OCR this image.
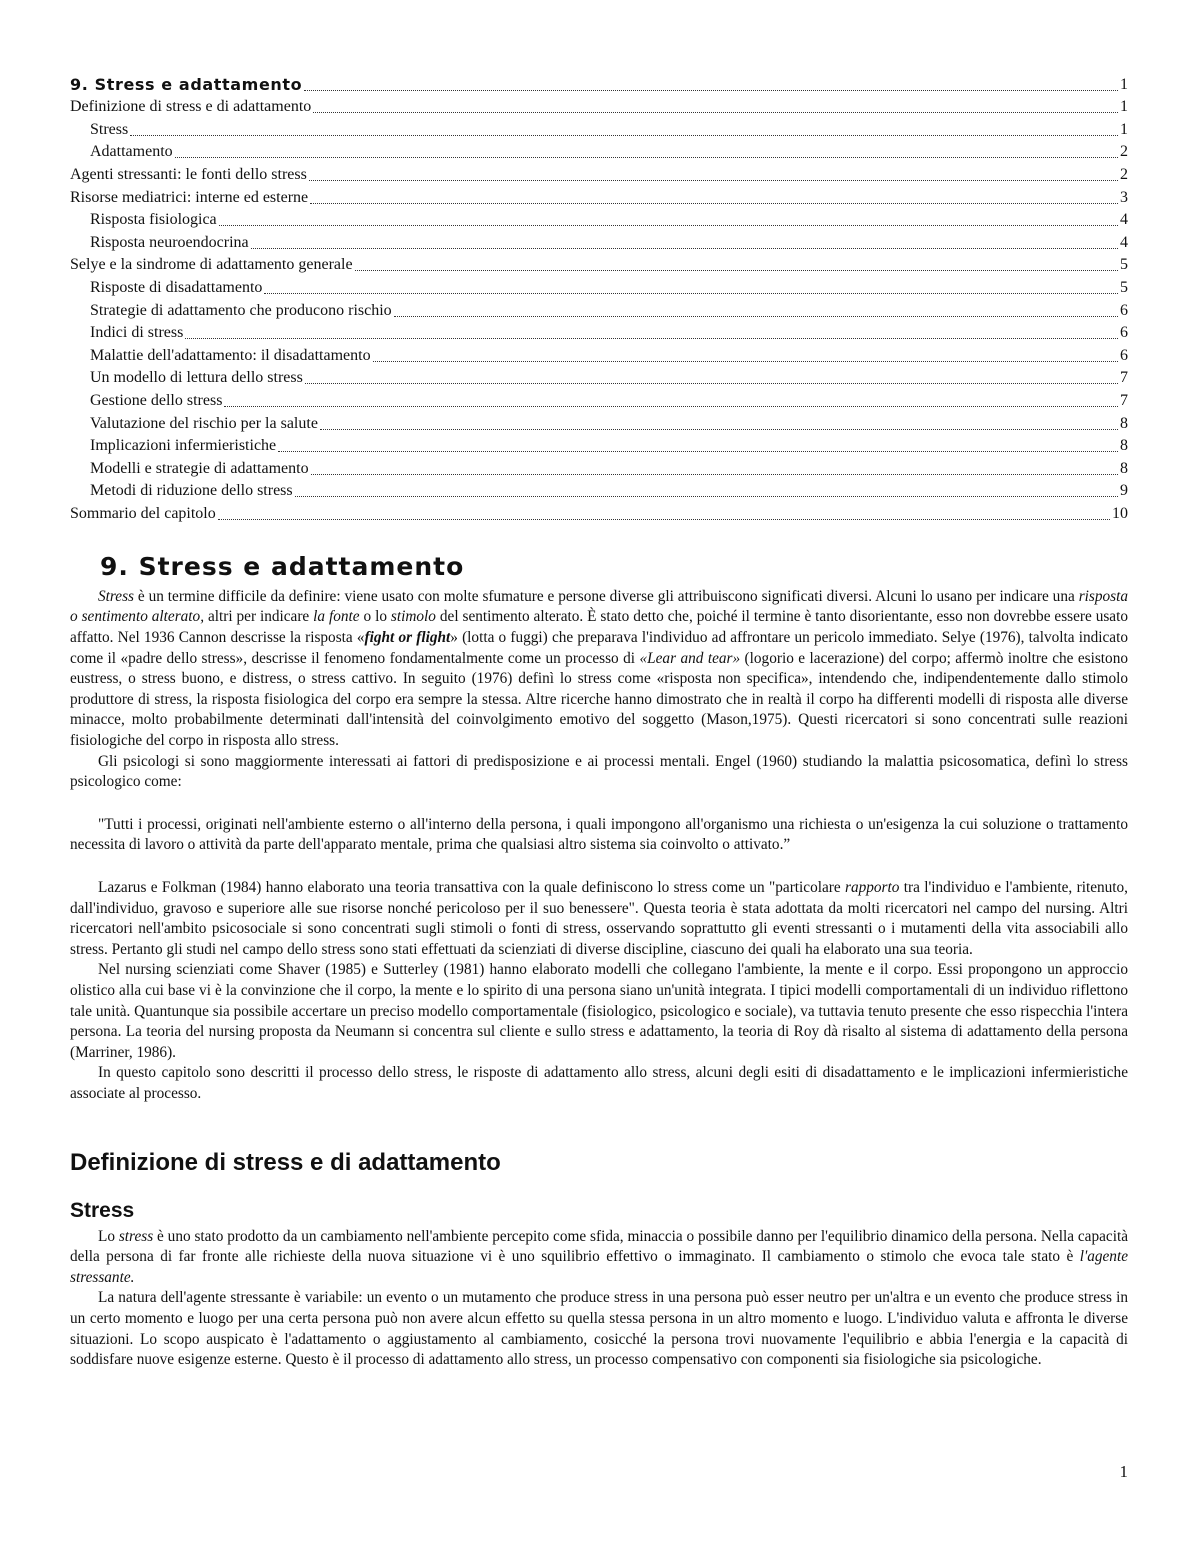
9. Stress e adattamento	1
Definizione di stress e di adattamento	1
Stress	1
Adattamento	2
Agenti stressanti: le fonti dello stress	2
Risorse mediatrici: interne ed esterne	3
Risposta fisiologica	4
Risposta neuroendocrina	4
Selye e la sindrome di adattamento generale	5
Risposte di disadattamento	5
Strategie di adattamento che producono rischio	6
Indici di stress	6
Malattie dell'adattamento: il disadattamento	6
Un modello di lettura dello stress	7
Gestione dello stress	7
Valutazione del rischio per la salute	8
Implicazioni infermieristiche	8
Modelli e strategie di adattamento	8
Metodi di riduzione dello stress	9
Sommario del capitolo	10
9. Stress e adattamento

Stress è un termine difficile da definire: viene usato con molte sfumature e persone diverse gli attribuiscono significati diversi. Alcuni lo usano per indicare una risposta o sentimento alterato, altri per indicare la fonte o lo stimolo del sentimento alterato. È stato detto che, poiché il termine è tanto disorientante, esso non dovrebbe essere usato affatto. Nel 1936 Cannon descrisse la risposta «fight or flight» (lotta o fuggi) che preparava l'individuo ad affrontare un pericolo immediato. Selye (1976), talvolta indicato come il «padre dello stress», descrisse il fenomeno fondamentalmente come un processo di «Lear and tear» (logorio e lacerazione) del corpo; affermò inoltre che esistono eustress, o stress buono, e distress, o stress cattivo. In seguito (1976) definì lo stress come «risposta non specifica», intendendo che, indipendentemente dallo stimolo produttore di stress, la risposta fisiologica del corpo era sempre la stessa. Altre ricerche hanno dimostrato che in realtà il corpo ha differenti modelli di risposta alle diverse minacce, molto probabilmente determinati dall'intensità del coinvolgimento emotivo del soggetto (Mason,1975). Questi ricercatori si sono concentrati sulle reazioni fisiologiche del corpo in risposta allo stress.

Gli psicologi si sono maggiormente interessati ai fattori di predisposizione e ai processi mentali. Engel (1960) studiando la malattia psicosomatica, definì lo stress psicologico come:

"Tutti i processi, originati nell'ambiente esterno o all'interno della persona, i quali impongono all'organismo una richiesta o un'esigenza la cui soluzione o trattamento necessita di lavoro o attività da parte dell'apparato mentale, prima che qualsiasi altro sistema sia coinvolto o attivato.”

Lazarus e Folkman (1984) hanno elaborato una teoria transattiva con la quale definiscono lo stress come un "particolare rapporto tra l'individuo e l'ambiente, ritenuto, dall'individuo, gravoso e superiore alle sue risorse nonché pericoloso per il suo benessere". Questa teoria è stata adottata da molti ricercatori nel campo del nursing. Altri ricercatori nell'ambito psicosociale si sono concentrati sugli stimoli o fonti di stress, osservando soprattutto gli eventi stressanti o i mutamenti della vita associabili allo stress. Pertanto gli studi nel campo dello stress sono stati effettuati da scienziati di diverse discipline, ciascuno dei quali ha elaborato una sua teoria.

Nel nursing scienziati come Shaver (1985) e Sutterley (1981) hanno elaborato modelli che collegano l'ambiente, la mente e il corpo. Essi propongono un approccio olistico alla cui base vi è la convinzione che il corpo, la mente e lo spirito di una persona siano un'unità integrata. I tipici modelli comportamentali di un individuo riflettono tale unità. Quantunque sia possibile accertare un preciso modello comportamentale (fisiologico, psicologico e sociale), va tuttavia tenuto presente che esso rispecchia l'intera persona. La teoria del nursing proposta da Neumann si concentra sul cliente e sullo stress e adattamento, la teoria di Roy dà risalto al sistema di adattamento della persona (Marriner, 1986).

In questo capitolo sono descritti il processo dello stress, le risposte di adattamento allo stress, alcuni degli esiti di disadattamento e le implicazioni infermieristiche associate al processo.

Definizione di stress e di adattamento
Stress

Lo stress è uno stato prodotto da un cambiamento nell'ambiente percepito come sfida, minaccia o possibile danno per l'equilibrio dinamico della persona. Nella capacità della persona di far fronte alle richieste della nuova situazione vi è uno squilibrio effettivo o immaginato. Il cambiamento o stimolo che evoca tale stato è l'agente stressante.

La natura dell'agente stressante è variabile: un evento o un mutamento che produce stress in una persona può esser neutro per un'altra e un evento che produce stress in un certo momento e luogo per una certa persona può non avere alcun effetto su quella stessa persona in un altro momento e luogo. L'individuo valuta e affronta le diverse situazioni. Lo scopo auspicato è l'adattamento o aggiustamento al cambiamento, cosicché la persona trovi nuovamente l'equilibrio e abbia l'energia e la capacità di soddisfare nuove esigenze esterne. Questo è il processo di adattamento allo stress, un processo compensativo con componenti sia fisiologiche sia psicologiche.

1
